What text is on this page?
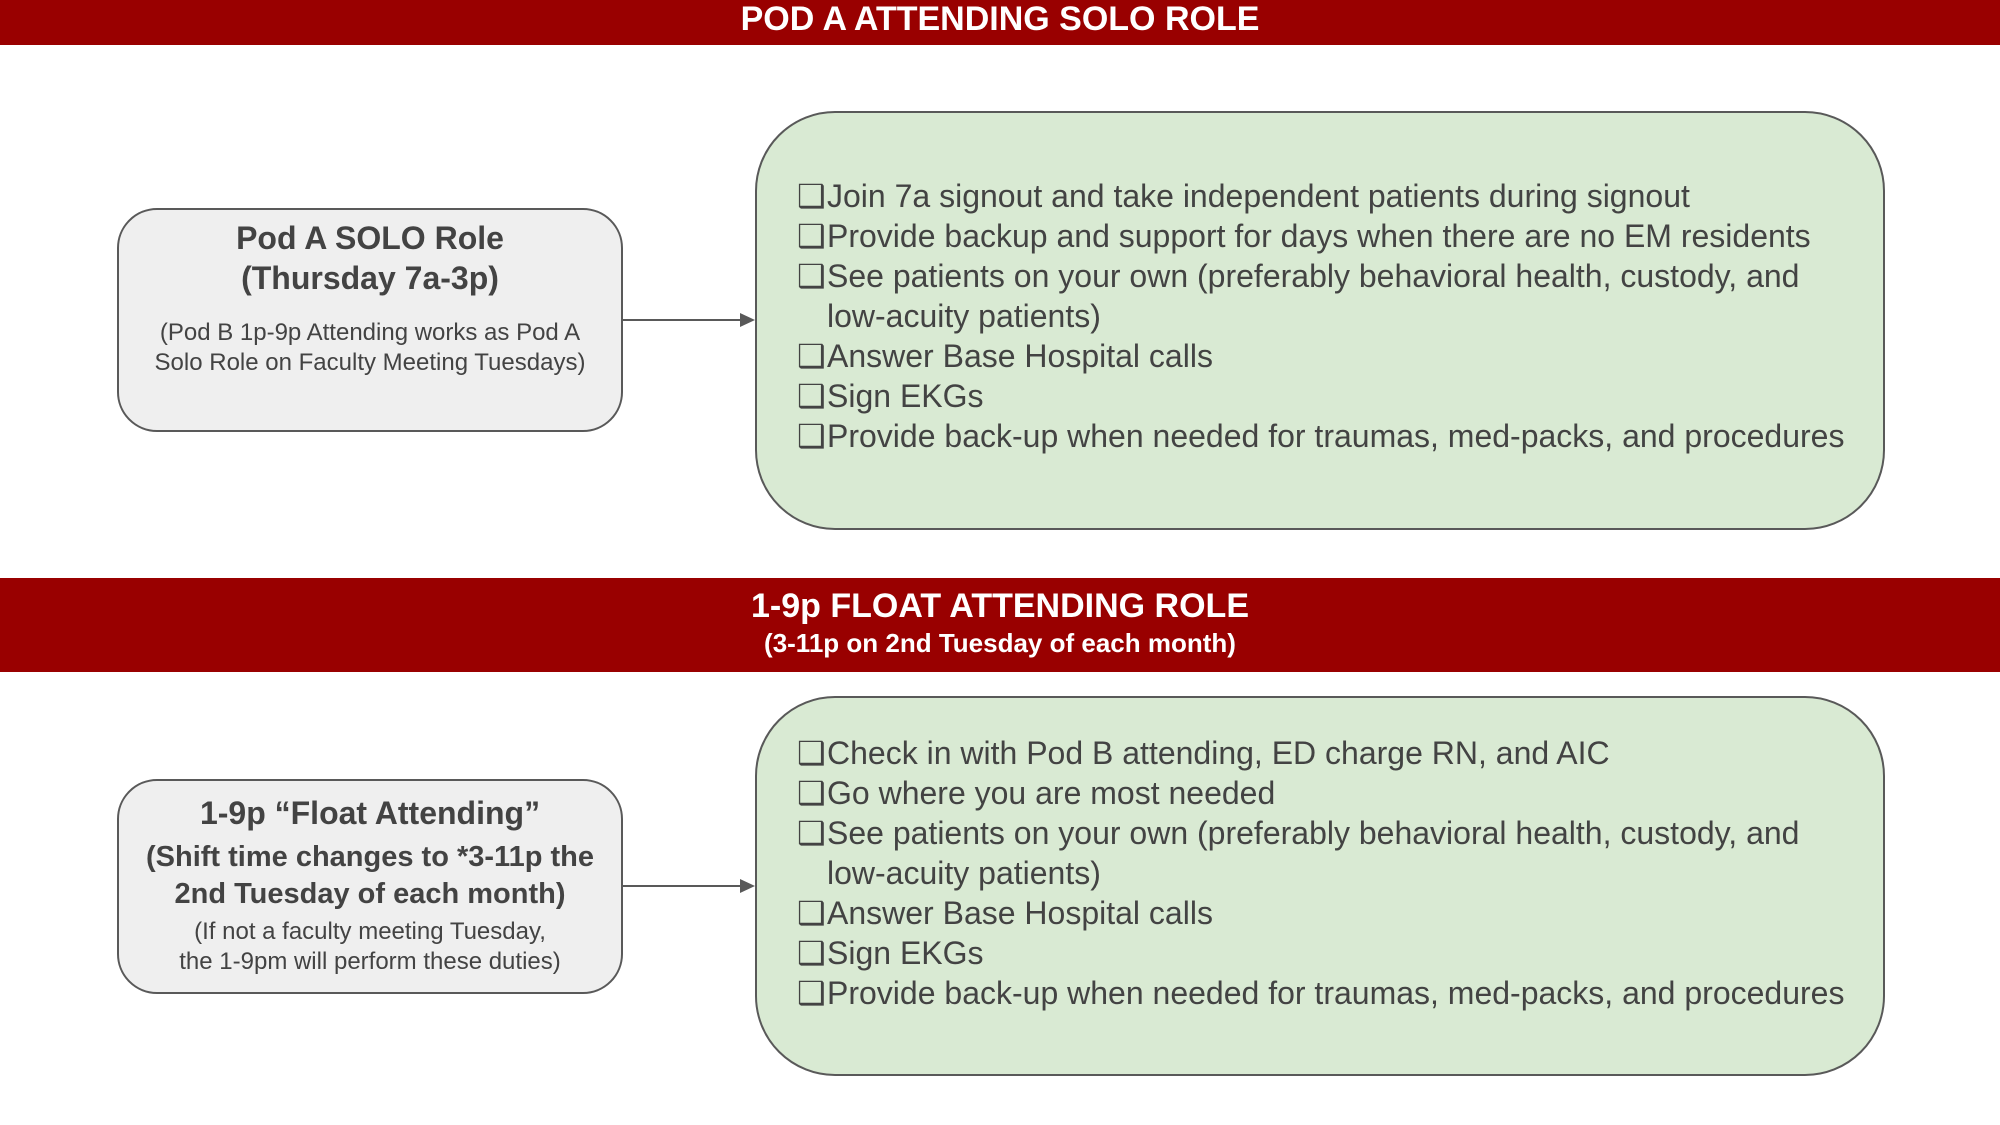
POD A ATTENDING SOLO ROLE
Pod A SOLO Role
(Thursday 7a-3p)
(Pod B 1p-9p Attending works as Pod A
Solo Role on Faculty Meeting Tuesdays)
❑ Join 7a signout and take independent patients during signout
❑ Provide backup and support for days when there are no EM residents
❑ See patients on your own (preferably behavioral health, custody, and low-acuity patients)
❑ Answer Base Hospital calls
❑ Sign EKGs
❑ Provide back-up when needed for traumas, med-packs, and procedures
1-9p FLOAT ATTENDING ROLE
(3-11p on 2nd Tuesday of each month)
1-9p “Float Attending”
(Shift time changes to *3-11p the
2nd Tuesday of each month)
(If not a faculty meeting Tuesday,
the 1-9pm will perform these duties)
❑ Check in with Pod B attending, ED charge RN, and AIC
❑ Go where you are most needed
❑ See patients on your own (preferably behavioral health, custody, and low-acuity patients)
❑ Answer Base Hospital calls
❑ Sign EKGs
❑ Provide back-up when needed for traumas, med-packs, and procedures
